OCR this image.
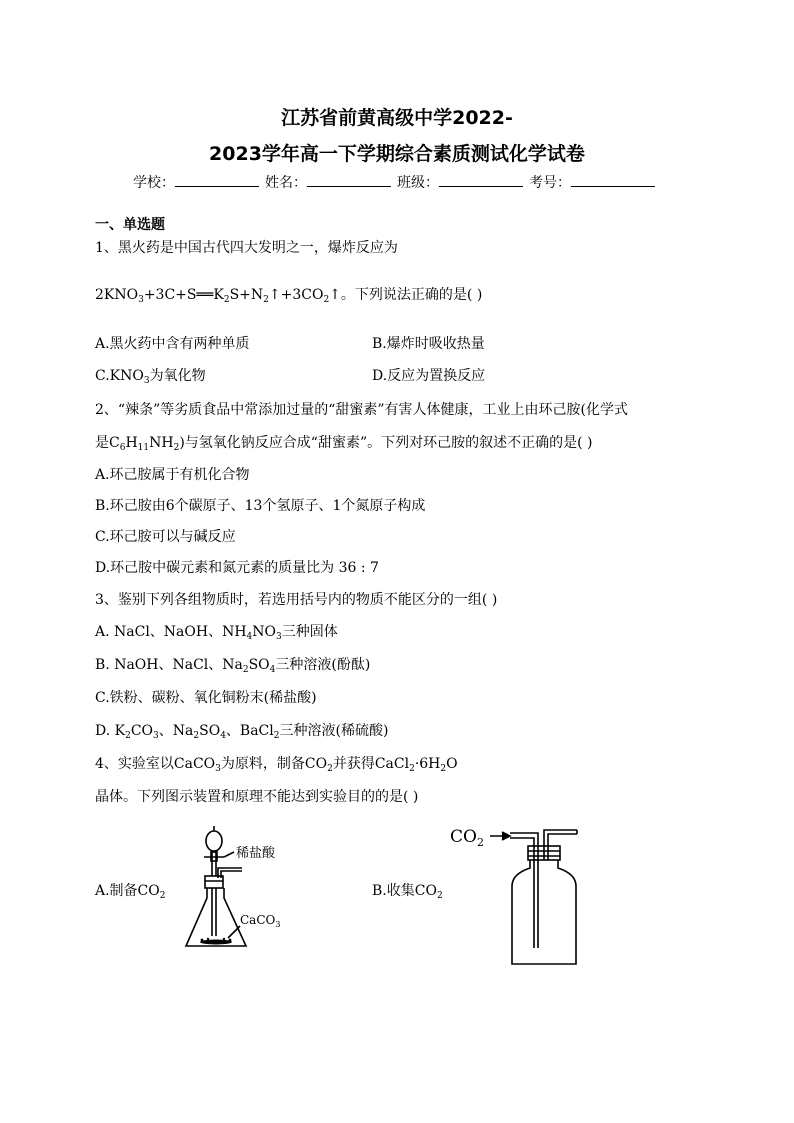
江苏省前黄高级中学2022-
2023学年高一下学期综合素质测试化学试卷
学校：	姓名：	班级：	考号：
一、单选题
1、黑火药是中国古代四大发明之一，爆炸反应为
$2KNO_3+3C+S══K_2S+N_2↑+3CO_2↑$。下列说法正确的是( )
A.黑火药中含有两种单质	B.爆炸时吸收热量
$C.KNO_3$为氧化物	D.反应为置换反应
2、“辣条”等劣质食品中常添加过量的“甜蜜素”有害人体健康，工业上由环己胺(化学式
是$C_6H_{11}NH_2$)与氢氧化钠反应合成“甜蜜素”。下列对环己胺的叙述不正确的是( )
A.环己胺属于有机化合物
B.环己胺由6个碳原子、13个氢原子、1个氮原子构成
C.环己胺可以与碱反应
D.环己胺中碳元素和氮元素的质量比为 36 : 7
3、鉴别下列各组物质时，若选用括号内的物质不能区分的一组( )
A. NaCl、NaOH、$NH_4NO_3$三种固体
B. NaOH、NaCl、$Na_2SO_4$三种溶液(酚酞)
C.铁粉、碳粉、氧化铜粉末(稀盐酸)
D. $K_2CO_3$、$Na_2SO_4$、BaCl$_2$三种溶液(稀硫酸)
4、实验室以CaCO$_3$为原料，制备$CO_2$并获得$CaCl_2\cdot 6H_2O$
晶体。下列图示装置和原理不能达到实验目的的是( )
A.制备$CO_2$	B.收集$CO_2$
稀盐酸
CaCO$_3$
$CO_2$
